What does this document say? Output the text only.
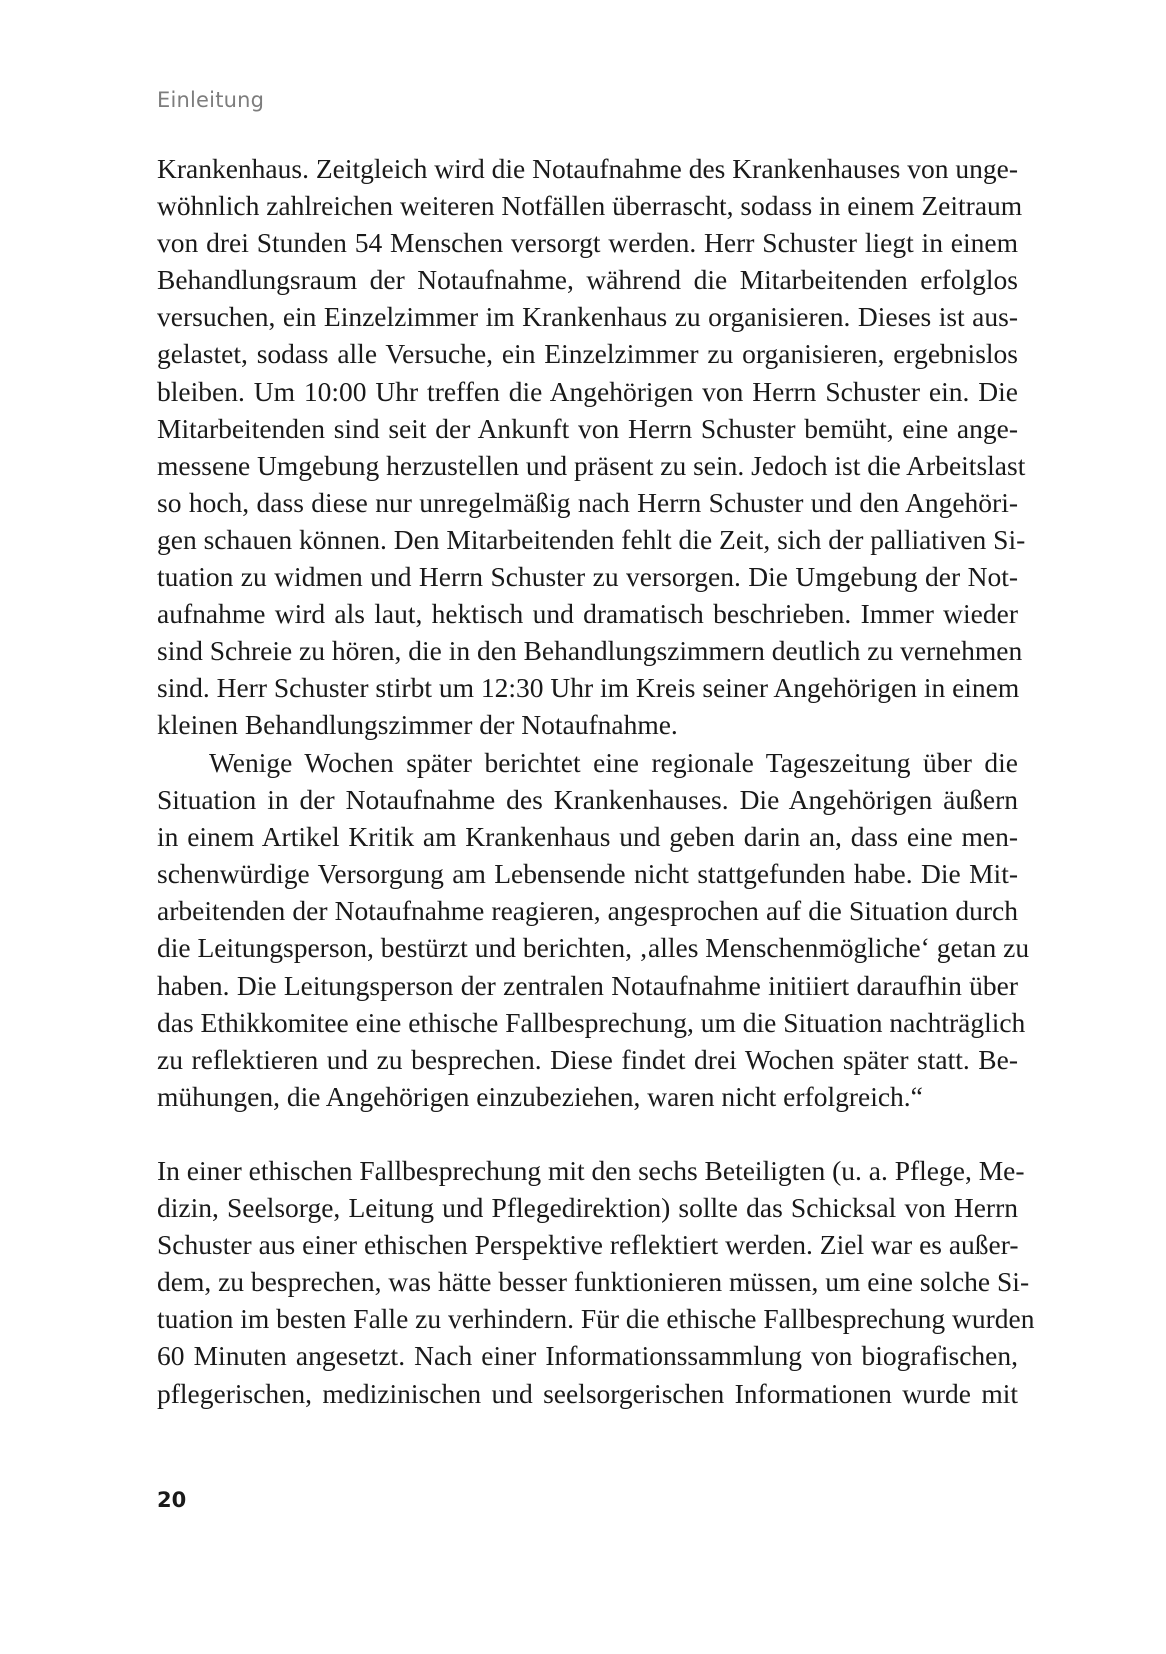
Einleitung
Krankenhaus. Zeitgleich wird die Notaufnahme des Krankenhauses von unge-
wöhnlich zahlreichen weiteren Notfällen überrascht, sodass in einem Zeitraum
von drei Stunden 54 Menschen versorgt werden. Herr Schuster liegt in einem
Behandlungsraum der Notaufnahme, während die Mitarbeitenden erfolglos
versuchen, ein Einzelzimmer im Krankenhaus zu organisieren. Dieses ist aus-
gelastet, sodass alle Versuche, ein Einzelzimmer zu organisieren, ergebnislos
bleiben. Um 10:00 Uhr treffen die Angehörigen von Herrn Schuster ein. Die
Mitarbeitenden sind seit der Ankunft von Herrn Schuster bemüht, eine ange-
messene Umgebung herzustellen und präsent zu sein. Jedoch ist die Arbeitslast
so hoch, dass diese nur unregelmäßig nach Herrn Schuster und den Angehöri-
gen schauen können. Den Mitarbeitenden fehlt die Zeit, sich der palliativen Si-
tuation zu widmen und Herrn Schuster zu versorgen. Die Umgebung der Not-
aufnahme wird als laut, hektisch und dramatisch beschrieben. Immer wieder
sind Schreie zu hören, die in den Behandlungszimmern deutlich zu vernehmen
sind. Herr Schuster stirbt um 12:30 Uhr im Kreis seiner Angehörigen in einem
kleinen Behandlungszimmer der Notaufnahme.
Wenige Wochen später berichtet eine regionale Tageszeitung über die
Situation in der Notaufnahme des Krankenhauses. Die Angehörigen äußern
in einem Artikel Kritik am Krankenhaus und geben darin an, dass eine men-
schenwürdige Versorgung am Lebensende nicht stattgefunden habe. Die Mit-
arbeitenden der Notaufnahme reagieren, angesprochen auf die Situation durch
die Leitungsperson, bestürzt und berichten, ‚alles Menschenmögliche‘ getan zu
haben. Die Leitungsperson der zentralen Notaufnahme initiiert daraufhin über
das Ethikkomitee eine ethische Fallbesprechung, um die Situation nachträglich
zu reflektieren und zu besprechen. Diese findet drei Wochen später statt. Be-
mühungen, die Angehörigen einzubeziehen, waren nicht erfolgreich.“
In einer ethischen Fallbesprechung mit den sechs Beteiligten (u. a. Pflege, Me-
dizin, Seelsorge, Leitung und Pflegedirektion) sollte das Schicksal von Herrn
Schuster aus einer ethischen Perspektive reflektiert werden. Ziel war es außer-
dem, zu besprechen, was hätte besser funktionieren müssen, um eine solche Si-
tuation im besten Falle zu verhindern. Für die ethische Fallbesprechung wurden
60 Minuten angesetzt. Nach einer Informationssammlung von biografischen,
pflegerischen, medizinischen und seelsorgerischen Informationen wurde mit
20
